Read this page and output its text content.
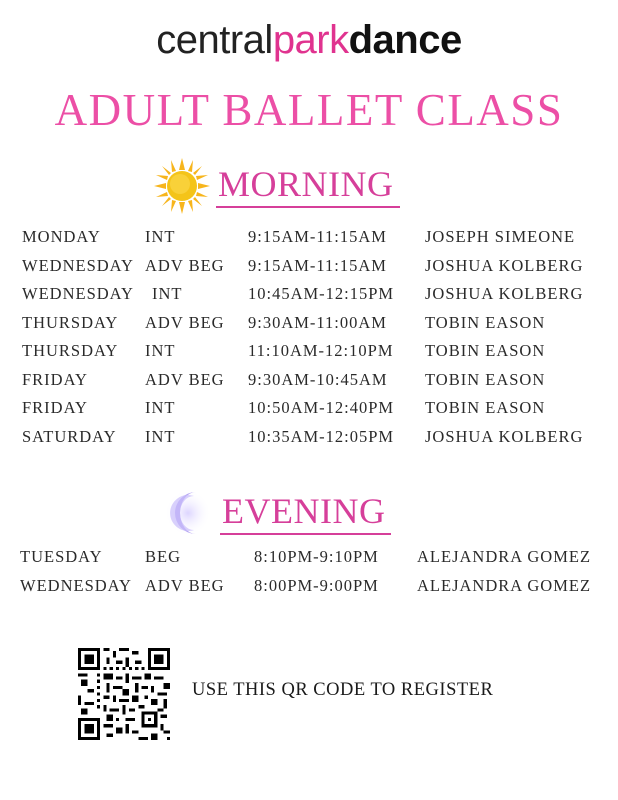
centralparkdance
ADULT BALLET CLASS
MORNING
MONDAY	INT	9:15AM-11:15AM JOSEPH SIMEONE
WEDNESDAY ADV BEG 9:15AM-11:15AM JOSHUA KOLBERG
WEDNESDAY INT	10:45AM-12:15PM JOSHUA KOLBERG
THURSDAY ADV BEG 9:30AM-11:00AM TOBIN EASON
THURSDAY INT	11:10AM-12:10PM TOBIN EASON
FRIDAY	ADV BEG 9:30AM-10:45AM TOBIN EASON
FRIDAY	INT	10:50AM-12:40PM TOBIN EASON
SATURDAY INT	10:35AM-12:05PM JOSHUA KOLBERG
EVENING
TUESDAY	BEG	8:10PM-9:10PM ALEJANDRA GOMEZ
WEDNESDAY ADV BEG 8:00PM-9:00PM ALEJANDRA GOMEZ
USE THIS QR CODE TO REGISTER
